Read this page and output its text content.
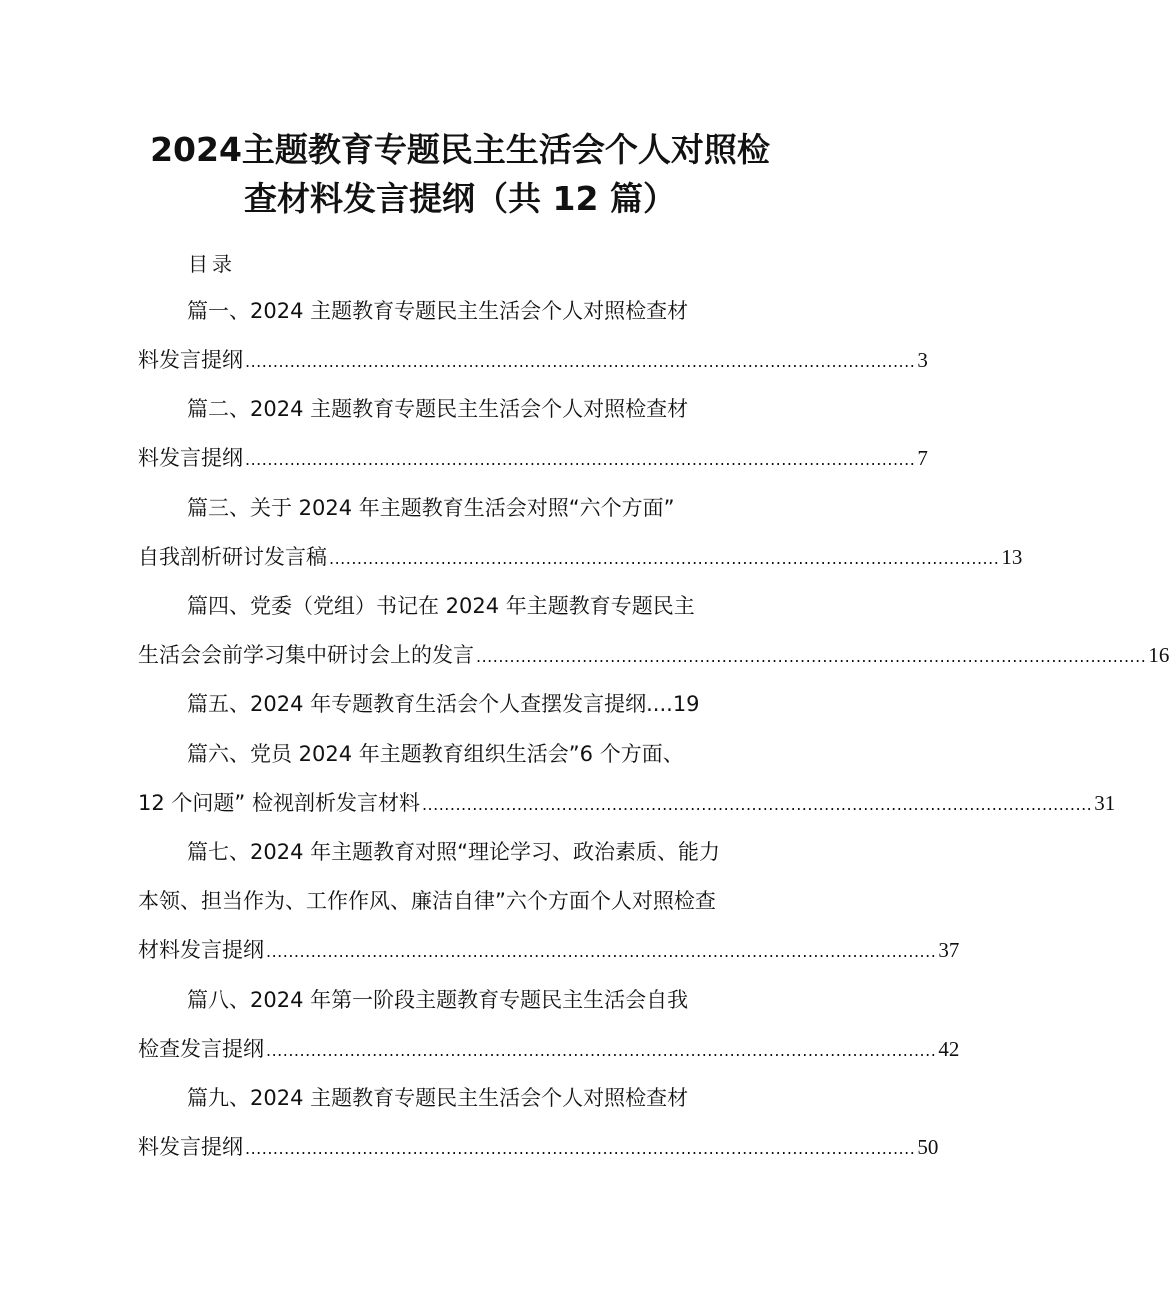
2024主题教育专题民主生活会个人对照检
查材料发言提纲（共 12 篇）
目录
篇一、2024 主题教育专题民主生活会个人对照检查材
料发言提纲 ........................................................................................................................ 3
篇二、2024 主题教育专题民主生活会个人对照检查材
料发言提纲 ........................................................................................................................ 7
篇三、关于 2024 年主题教育生活会对照“六个方面”
自我剖析研讨发言稿 ........................................................................................................................ 13
篇四、党委（党组）书记在 2024 年主题教育专题民主
生活会会前学习集中研讨会上的发言 ........................................................................................................................ 16
篇五、2024 年专题教育生活会个人查摆发言提纲....19
篇六、党员 2024 年主题教育组织生活会”6 个方面、
12 个问题” 检视剖析发言材料 ........................................................................................................................ 31
篇七、2024 年主题教育对照“理论学习、政治素质、能力
本领、担当作为、工作作风、廉洁自律”六个方面个人对照检查
材料发言提纲 ........................................................................................................................ 37
篇八、2024 年第一阶段主题教育专题民主生活会自我
检查发言提纲 ........................................................................................................................ 42
篇九、2024 主题教育专题民主生活会个人对照检查材
料发言提纲 ........................................................................................................................ 50
